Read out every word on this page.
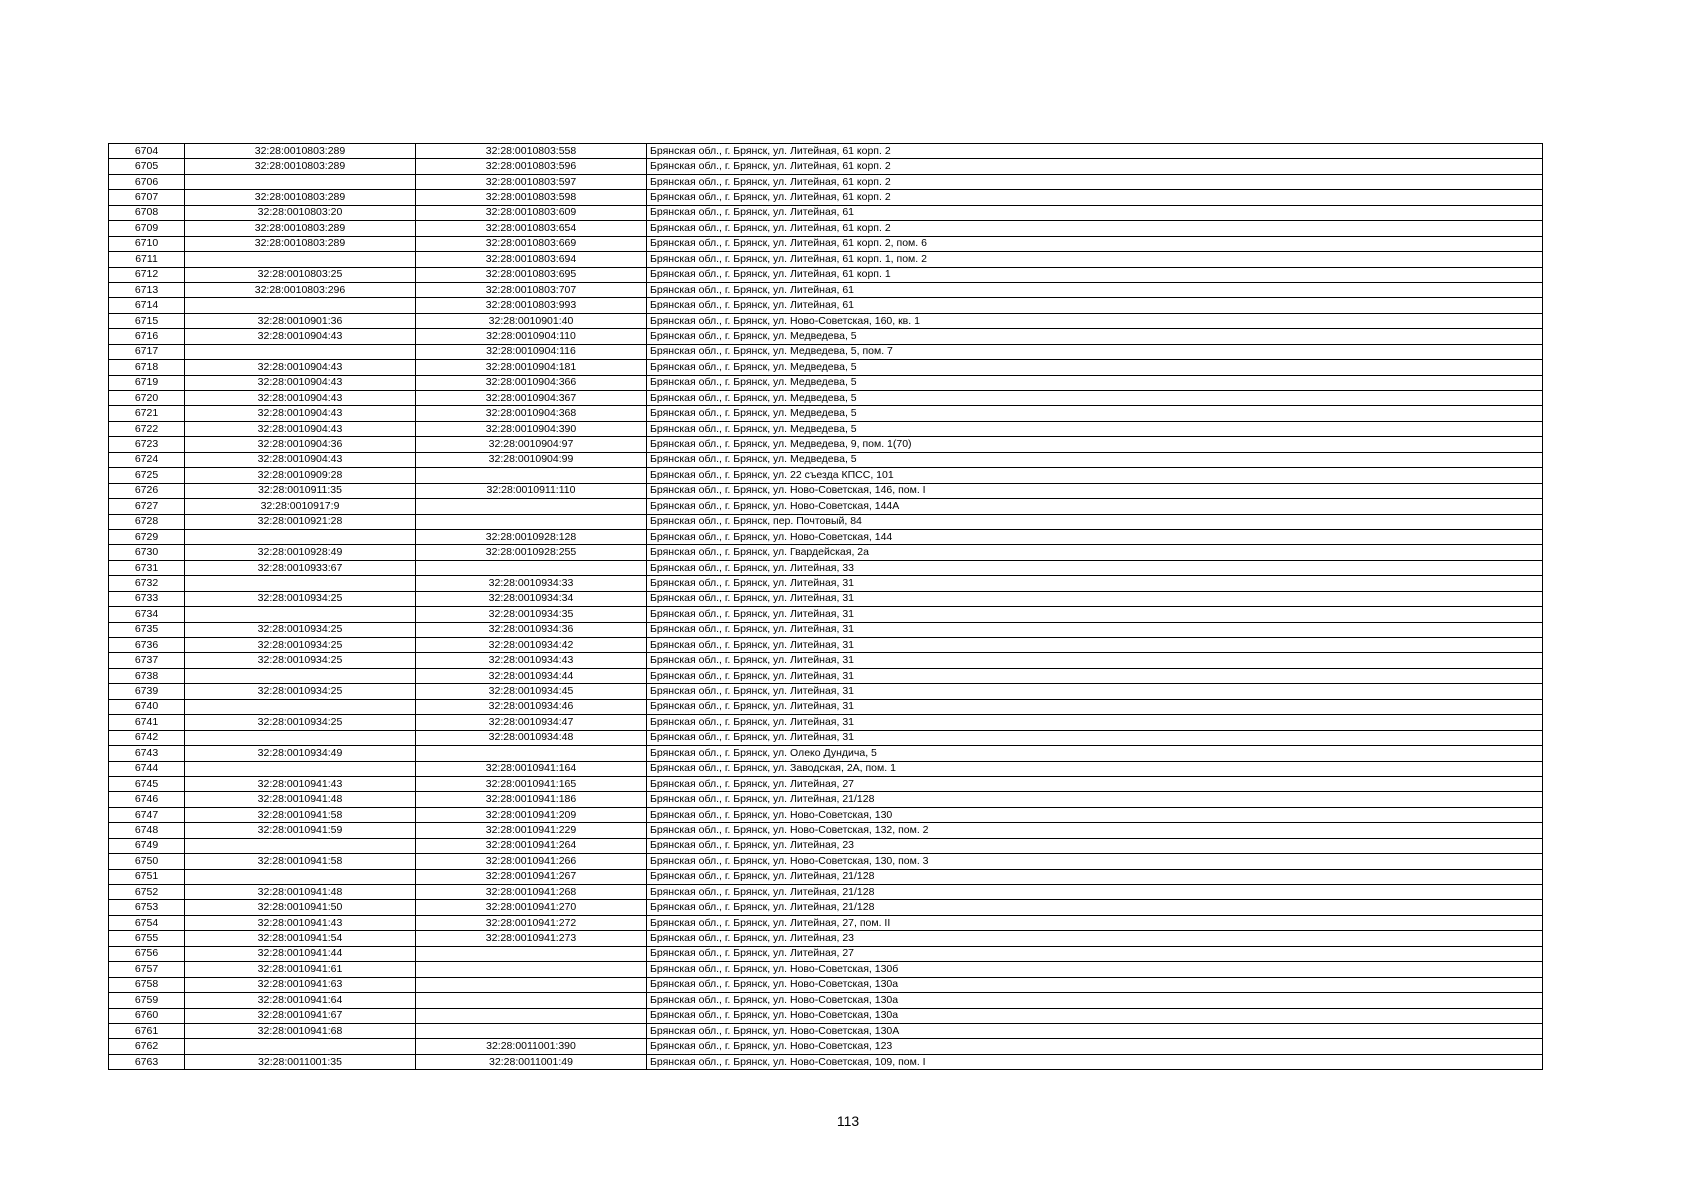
6704	32:28:0010803:289	32:28:0010803:558	Брянская обл., г. Брянск, ул. Литейная, 61 корп. 2
6705	32:28:0010803:289	32:28:0010803:596	Брянская обл., г. Брянск, ул. Литейная, 61 корп. 2
6706		32:28:0010803:597	Брянская обл., г. Брянск, ул. Литейная, 61 корп. 2
6707	32:28:0010803:289	32:28:0010803:598	Брянская обл., г. Брянск, ул. Литейная, 61 корп. 2
6708	32:28:0010803:20	32:28:0010803:609	Брянская обл., г. Брянск, ул. Литейная, 61
6709	32:28:0010803:289	32:28:0010803:654	Брянская обл., г. Брянск, ул. Литейная, 61 корп. 2
6710	32:28:0010803:289	32:28:0010803:669	Брянская обл., г. Брянск, ул. Литейная, 61 корп. 2, пом. 6
6711		32:28:0010803:694	Брянская обл., г. Брянск, ул. Литейная, 61 корп. 1, пом. 2
6712	32:28:0010803:25	32:28:0010803:695	Брянская обл., г. Брянск, ул. Литейная, 61 корп. 1
6713	32:28:0010803:296	32:28:0010803:707	Брянская обл., г. Брянск, ул. Литейная, 61
6714		32:28:0010803:993	Брянская обл., г. Брянск, ул. Литейная, 61
6715	32:28:0010901:36	32:28:0010901:40	Брянская обл., г. Брянск, ул. Ново-Советская, 160, кв. 1
6716	32:28:0010904:43	32:28:0010904:110	Брянская обл., г. Брянск, ул. Медведева, 5
6717		32:28:0010904:116	Брянская обл., г. Брянск, ул. Медведева, 5, пом. 7
6718	32:28:0010904:43	32:28:0010904:181	Брянская обл., г. Брянск, ул. Медведева, 5
6719	32:28:0010904:43	32:28:0010904:366	Брянская обл., г. Брянск, ул. Медведева, 5
6720	32:28:0010904:43	32:28:0010904:367	Брянская обл., г. Брянск, ул. Медведева, 5
6721	32:28:0010904:43	32:28:0010904:368	Брянская обл., г. Брянск, ул. Медведева, 5
6722	32:28:0010904:43	32:28:0010904:390	Брянская обл., г. Брянск, ул. Медведева, 5
6723	32:28:0010904:36	32:28:0010904:97	Брянская обл., г. Брянск, ул. Медведева, 9, пом. 1(70)
6724	32:28:0010904:43	32:28:0010904:99	Брянская обл., г. Брянск, ул. Медведева, 5
6725	32:28:0010909:28		Брянская обл., г. Брянск, ул. 22 съезда КПСС, 101
6726	32:28:0010911:35	32:28:0010911:110	Брянская обл., г. Брянск, ул. Ново-Советская, 146, пом. I
6727	32:28:0010917:9		Брянская обл., г. Брянск, ул. Ново-Советская, 144А
6728	32:28:0010921:28		Брянская обл., г. Брянск, пер. Почтовый, 84
6729		32:28:0010928:128	Брянская обл., г. Брянск, ул. Ново-Советская, 144
6730	32:28:0010928:49	32:28:0010928:255	Брянская обл., г. Брянск, ул. Гвардейская, 2а
6731	32:28:0010933:67		Брянская обл., г. Брянск, ул. Литейная, 33
6732		32:28:0010934:33	Брянская обл., г. Брянск, ул. Литейная, 31
6733	32:28:0010934:25	32:28:0010934:34	Брянская обл., г. Брянск, ул. Литейная, 31
6734		32:28:0010934:35	Брянская обл., г. Брянск, ул. Литейная, 31
6735	32:28:0010934:25	32:28:0010934:36	Брянская обл., г. Брянск, ул. Литейная, 31
6736	32:28:0010934:25	32:28:0010934:42	Брянская обл., г. Брянск, ул. Литейная, 31
6737	32:28:0010934:25	32:28:0010934:43	Брянская обл., г. Брянск, ул. Литейная, 31
6738		32:28:0010934:44	Брянская обл., г. Брянск, ул. Литейная, 31
6739	32:28:0010934:25	32:28:0010934:45	Брянская обл., г. Брянск, ул. Литейная, 31
6740		32:28:0010934:46	Брянская обл., г. Брянск, ул. Литейная, 31
6741	32:28:0010934:25	32:28:0010934:47	Брянская обл., г. Брянск, ул. Литейная, 31
6742		32:28:0010934:48	Брянская обл., г. Брянск, ул. Литейная, 31
6743	32:28:0010934:49		Брянская обл., г. Брянск, ул. Олеко Дундича, 5
6744		32:28:0010941:164	Брянская обл., г. Брянск, ул. Заводская, 2А, пом. 1
6745	32:28:0010941:43	32:28:0010941:165	Брянская обл., г. Брянск, ул. Литейная, 27
6746	32:28:0010941:48	32:28:0010941:186	Брянская обл., г. Брянск, ул. Литейная, 21/128
6747	32:28:0010941:58	32:28:0010941:209	Брянская обл., г. Брянск, ул. Ново-Советская, 130
6748	32:28:0010941:59	32:28:0010941:229	Брянская обл., г. Брянск, ул. Ново-Советская, 132, пом. 2
6749		32:28:0010941:264	Брянская обл., г. Брянск, ул. Литейная, 23
6750	32:28:0010941:58	32:28:0010941:266	Брянская обл., г. Брянск, ул. Ново-Советская, 130, пом. 3
6751		32:28:0010941:267	Брянская обл., г. Брянск, ул. Литейная, 21/128
6752	32:28:0010941:48	32:28:0010941:268	Брянская обл., г. Брянск, ул. Литейная, 21/128
6753	32:28:0010941:50	32:28:0010941:270	Брянская обл., г. Брянск, ул. Литейная, 21/128
6754	32:28:0010941:43	32:28:0010941:272	Брянская обл., г. Брянск, ул. Литейная, 27, пом. II
6755	32:28:0010941:54	32:28:0010941:273	Брянская обл., г. Брянск, ул. Литейная, 23
6756	32:28:0010941:44		Брянская обл., г. Брянск, ул. Литейная, 27
6757	32:28:0010941:61		Брянская обл., г. Брянск, ул. Ново-Советская, 130б
6758	32:28:0010941:63		Брянская обл., г. Брянск, ул. Ново-Советская, 130а
6759	32:28:0010941:64		Брянская обл., г. Брянск, ул. Ново-Советская, 130а
6760	32:28:0010941:67		Брянская обл., г. Брянск, ул. Ново-Советская, 130а
6761	32:28:0010941:68		Брянская обл., г. Брянск, ул. Ново-Советская, 130А
6762		32:28:0011001:390	Брянская обл., г. Брянск, ул. Ново-Советская, 123
6763	32:28:0011001:35	32:28:0011001:49	Брянская обл., г. Брянск, ул. Ново-Советская, 109, пом. I
113
